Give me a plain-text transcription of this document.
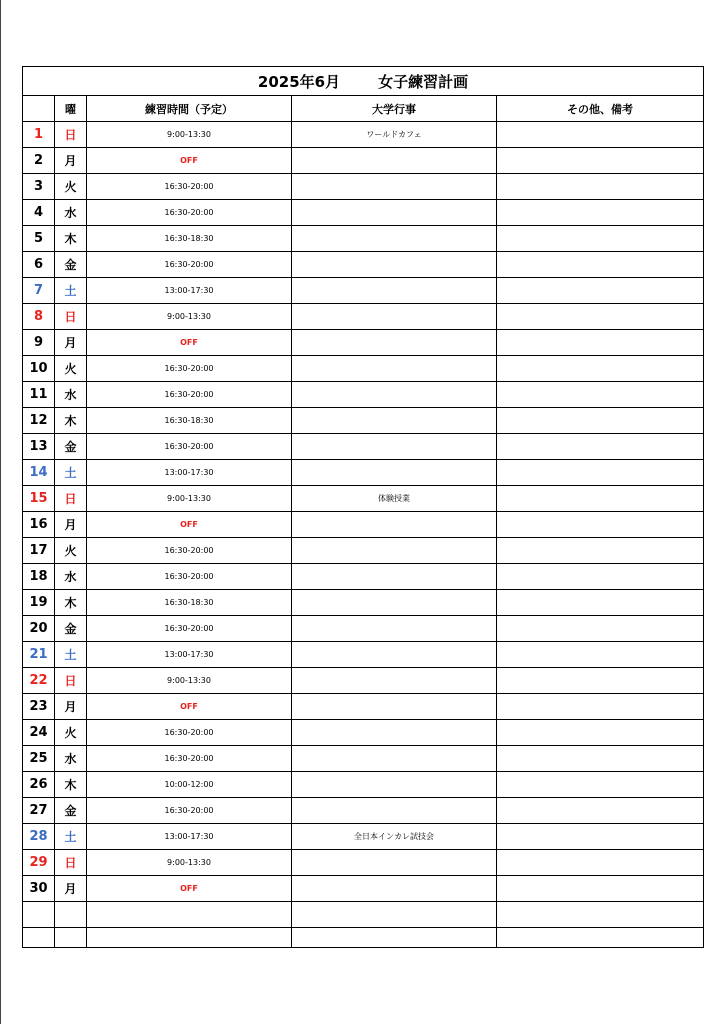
2025年6月 女子練習計画				
	曜	練習時間（予定）	大学行事	その他、備考
1	日	9:00-13:30	ワールドカフェ	
2	月	OFF		
3	火	16:30-20:00		
4	水	16:30-20:00		
5	木	16:30-18:30		
6	金	16:30-20:00		
7	土	13:00-17:30		
8	日	9:00-13:30		
9	月	OFF		
10	火	16:30-20:00		
11	水	16:30-20:00		
12	木	16:30-18:30		
13	金	16:30-20:00		
14	土	13:00-17:30		
15	日	9:00-13:30	体験授業	
16	月	OFF		
17	火	16:30-20:00		
18	水	16:30-20:00		
19	木	16:30-18:30		
20	金	16:30-20:00		
21	土	13:00-17:30		
22	日	9:00-13:30		
23	月	OFF		
24	火	16:30-20:00		
25	水	16:30-20:00		
26	木	10:00-12:00		
27	金	16:30-20:00		
28	土	13:00-17:30	全日本インカレ試技会	
29	日	9:00-13:30		
30	月	OFF		
